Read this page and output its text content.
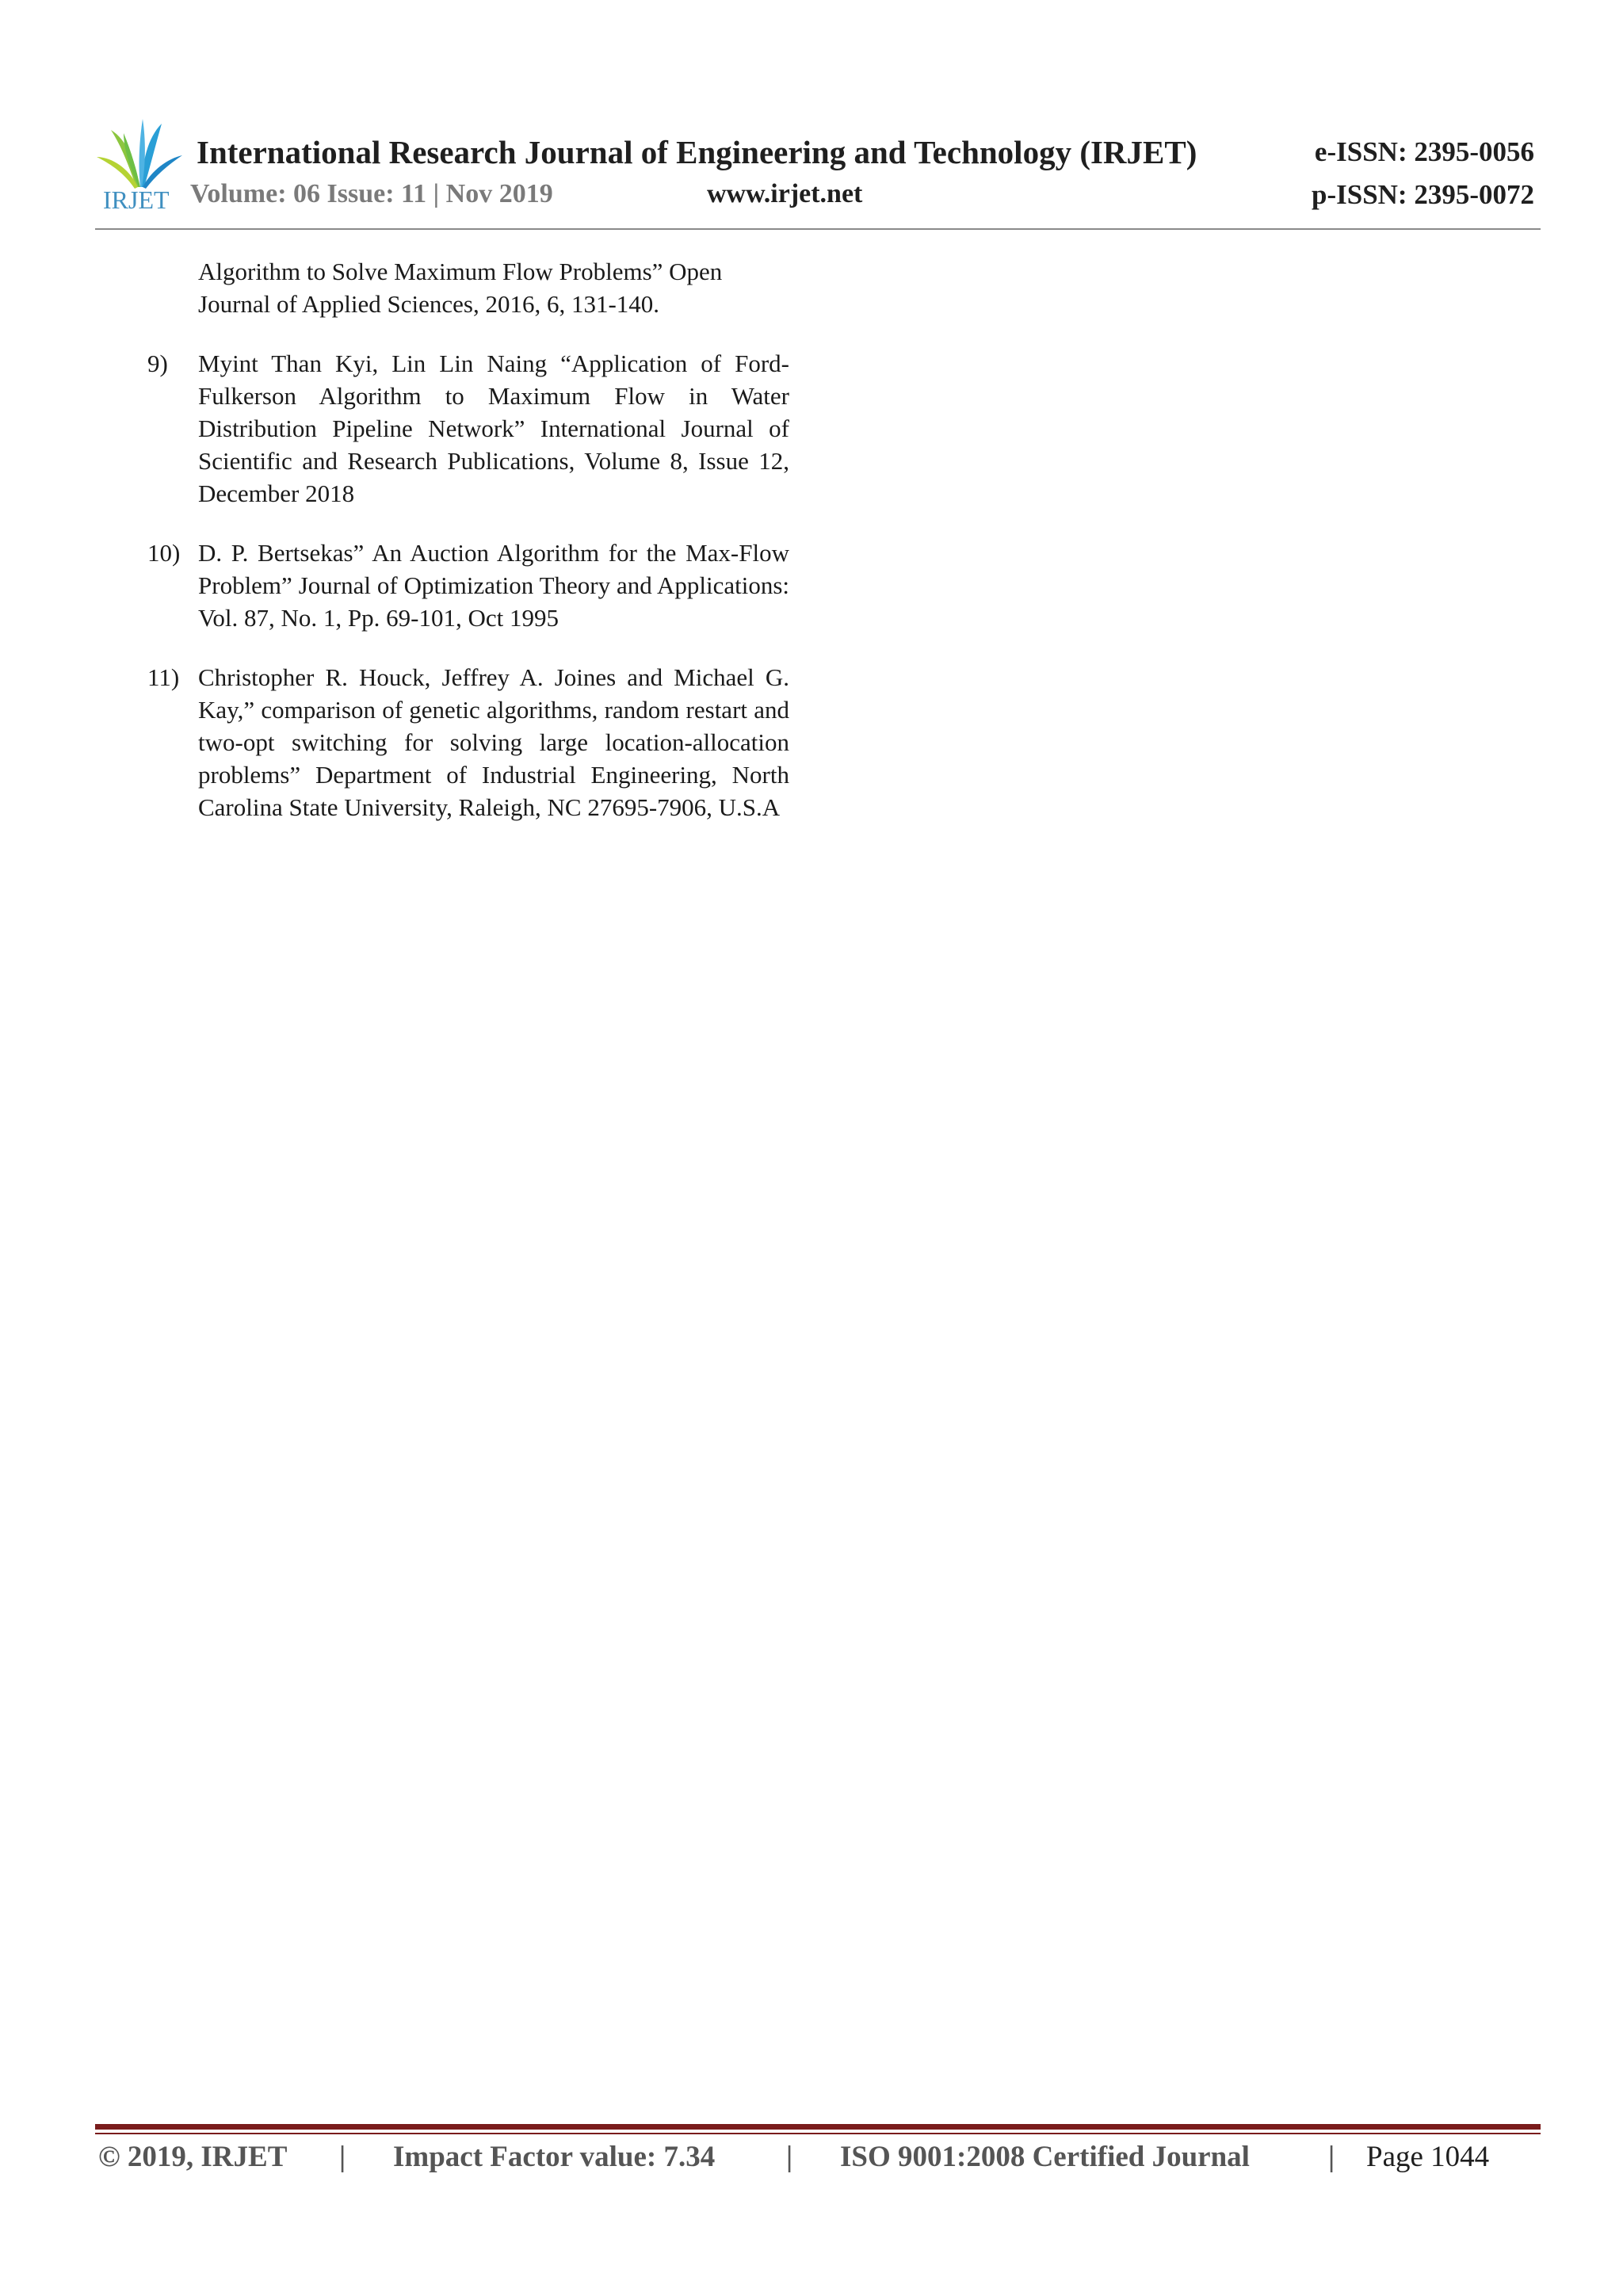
IRJET
International Research Journal of Engineering and Technology (IRJET)	e-ISSN: 2395-0056
Volume: 06 Issue: 11 | Nov 2019	www.irjet.net	p-ISSN: 2395-0072
Algorithm to Solve Maximum Flow Problems” Open Journal of Applied Sciences, 2016, 6, 131-140.
9) Myint Than Kyi, Lin Lin Naing “Application of Ford-Fulkerson Algorithm to Maximum Flow in Water Distribution Pipeline Network” International Journal of Scientific and Research Publications, Volume 8, Issue 12, December 2018
10) D. P. Bertsekas” An Auction Algorithm for the Max-Flow Problem” Journal of Optimization Theory and Applications: Vol. 87, No. 1, Pp. 69-101, Oct 1995
11) Christopher R. Houck, Jeffrey A. Joines and Michael G. Kay,” comparison of genetic algorithms, random restart and two-opt switching for solving large location-allocation problems” Department of Industrial Engineering, North Carolina State University, Raleigh, NC 27695-7906, U.S.A
© 2019, IRJET | Impact Factor value: 7.34 | ISO 9001:2008 Certified Journal	| Page 1044
